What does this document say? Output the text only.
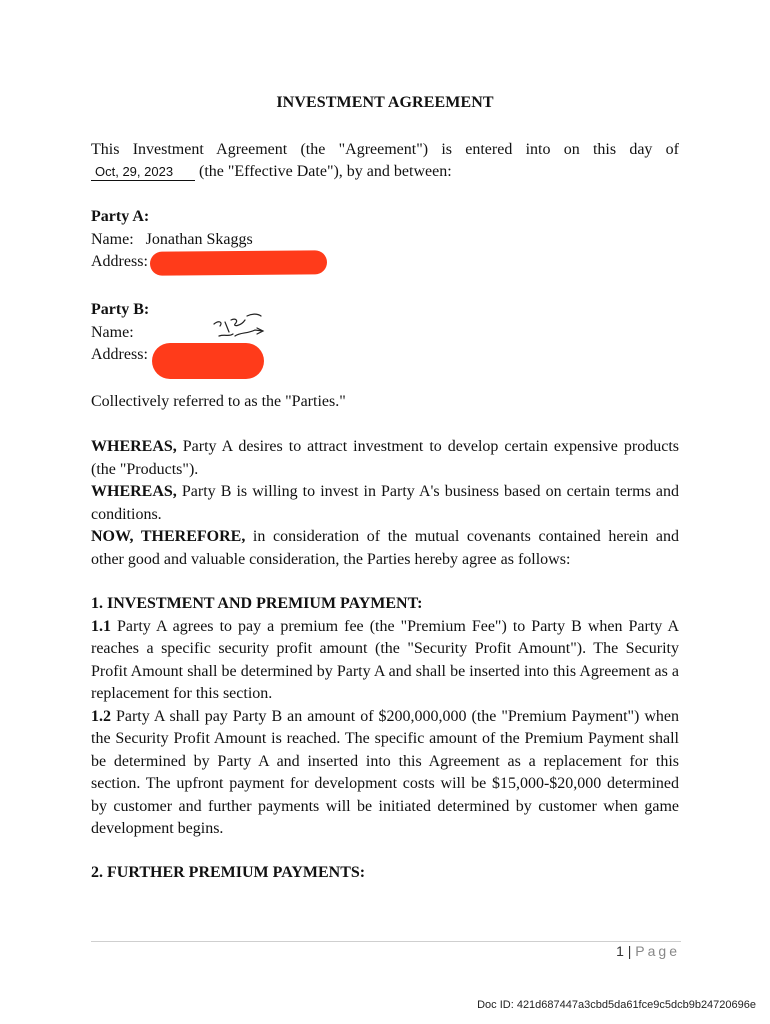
INVESTMENT AGREEMENT
This Investment Agreement (the "Agreement") is entered into on this day of
Oct, 29, 2023 (the "Effective Date"), by and between:
Party A:
Name: Jonathan Skaggs
Address:
Party B:
Name:
Address:
Collectively referred to as the "Parties."
WHEREAS, Party A desires to attract investment to develop certain expensive products (the "Products").
WHEREAS, Party B is willing to invest in Party A's business based on certain terms and conditions.
NOW, THEREFORE, in consideration of the mutual covenants contained herein and other good and valuable consideration, the Parties hereby agree as follows:
1. INVESTMENT AND PREMIUM PAYMENT:
1.1 Party A agrees to pay a premium fee (the "Premium Fee") to Party B when Party A reaches a specific security profit amount (the "Security Profit Amount"). The Security Profit Amount shall be determined by Party A and shall be inserted into this Agreement as a replacement for this section.
1.2 Party A shall pay Party B an amount of $200,000,000 (the "Premium Payment") when the Security Profit Amount is reached. The specific amount of the Premium Payment shall be determined by Party A and inserted into this Agreement as a replacement for this section. The upfront payment for development costs will be $15,000-$20,000 determined by customer and further payments will be initiated determined by customer when game development begins.
2. FURTHER PREMIUM PAYMENTS:
1 | Page
Doc ID: 421d687447a3cbd5da61fce9c5dcb9b24720696e
